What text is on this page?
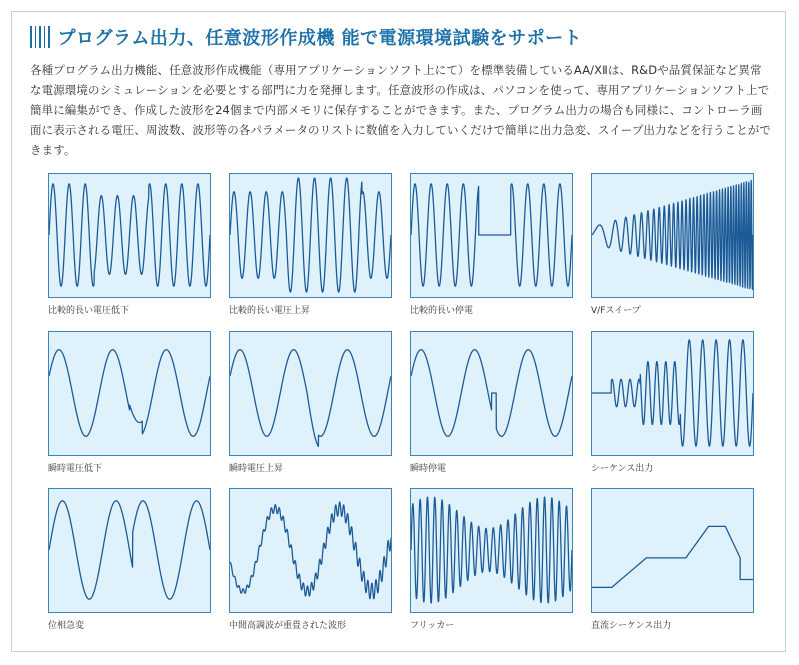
プログラム出力、任意波形作成機 能で電源環境試験をサポート
各種プログラム出力機能、任意波形作成機能（専用アプリケーションソフト上にて）を標準装備しているAA/XⅡは、R&Dや品質保証など異常な電源環境のシミュレーションを必要とする部門に力を発揮します。任意波形の作成は、パソコンを使って、専用アプリケーションソフト上で簡単に編集ができ、作成した波形を24個まで内部メモリに保存することができます。また、プログラム出力の場合も同様に、コントローラ画面に表示される電圧、周波数、波形等の各パラメータのリストに数値を入力していくだけで簡単に出力急変、スイープ出力などを行うことができます。
比較的長い電圧低下	比較的長い電圧上昇	比較的長い停電	V/Fスイープ
瞬時電圧低下	瞬時電圧上昇	瞬時停電	シーケンス出力
位相急変	中間高調波が重畳された波形	フリッカー	直流シーケンス出力
